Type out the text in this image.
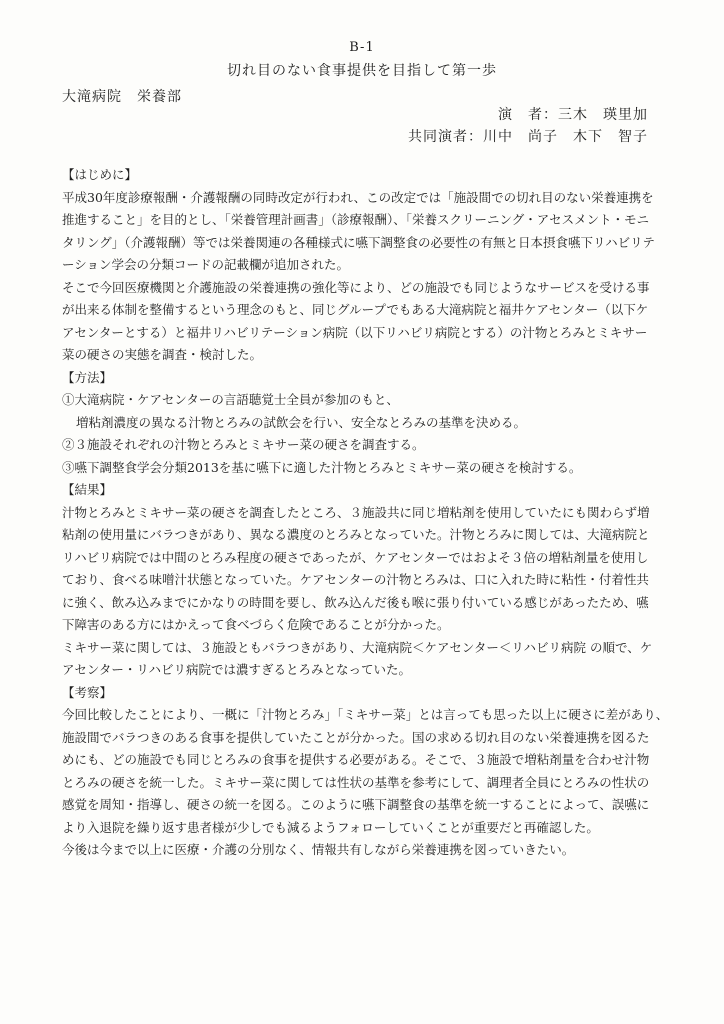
B-1
切れ目のない食事提供を目指して第一歩
大滝病院　栄養部
演　者：三木　瑛里加
共同演者：川中　尚子　木下　智子
【はじめに】
平成30年度診療報酬・介護報酬の同時改定が行われ、この改定では「施設間での切れ目のない栄養連携を
推進すること」を目的とし、「栄養管理計画書」（診療報酬）、「栄養スクリーニング・アセスメント・モニ
タリング」（介護報酬）等では栄養関連の各種様式に嚥下調整食の必要性の有無と日本摂食嚥下リハビリテ
ーション学会の分類コードの記載欄が追加された。
そこで今回医療機関と介護施設の栄養連携の強化等により、どの施設でも同じようなサービスを受ける事
が出来る体制を整備するという理念のもと、同じグループでもある大滝病院と福井ケアセンター（以下ケ
アセンターとする）と福井リハビリテーション病院（以下リハビリ病院とする）の汁物とろみとミキサー
菜の硬さの実態を調査・検討した。
【方法】
①大滝病院・ケアセンターの言語聴覚士全員が参加のもと、
増粘剤濃度の異なる汁物とろみの試飲会を行い、安全なとろみの基準を決める。
②３施設それぞれの汁物とろみとミキサー菜の硬さを調査する。
③嚥下調整食学会分類2013を基に嚥下に適した汁物とろみとミキサー菜の硬さを検討する。
【結果】
汁物とろみとミキサー菜の硬さを調査したところ、３施設共に同じ増粘剤を使用していたにも関わらず増
粘剤の使用量にバラつきがあり、異なる濃度のとろみとなっていた。汁物とろみに関しては、大滝病院と
リハビリ病院では中間のとろみ程度の硬さであったが、ケアセンターではおよそ３倍の増粘剤量を使用し
ており、食べる味噌汁状態となっていた。ケアセンターの汁物とろみは、口に入れた時に粘性・付着性共
に強く、飲み込みまでにかなりの時間を要し、飲み込んだ後も喉に張り付いている感じがあったため、嚥
下障害のある方にはかえって食べづらく危険であることが分かった。
ミキサー菜に関しては、３施設ともバラつきがあり、大滝病院＜ケアセンター＜リハビリ病院 の順で、ケ
アセンター・リハビリ病院では濃すぎるとろみとなっていた。
【考察】
今回比較したことにより、一概に「汁物とろみ」「ミキサー菜」とは言っても思った以上に硬さに差があり、
施設間でバラつきのある食事を提供していたことが分かった。国の求める切れ目のない栄養連携を図るた
めにも、どの施設でも同じとろみの食事を提供する必要がある。そこで、３施設で増粘剤量を合わせ汁物
とろみの硬さを統一した。ミキサー菜に関しては性状の基準を参考にして、調理者全員にとろみの性状の
感覚を周知・指導し、硬さの統一を図る。このように嚥下調整食の基準を統一することによって、誤嚥に
より入退院を繰り返す患者様が少しでも減るようフォローしていくことが重要だと再確認した。
今後は今まで以上に医療・介護の分別なく、情報共有しながら栄養連携を図っていきたい。
